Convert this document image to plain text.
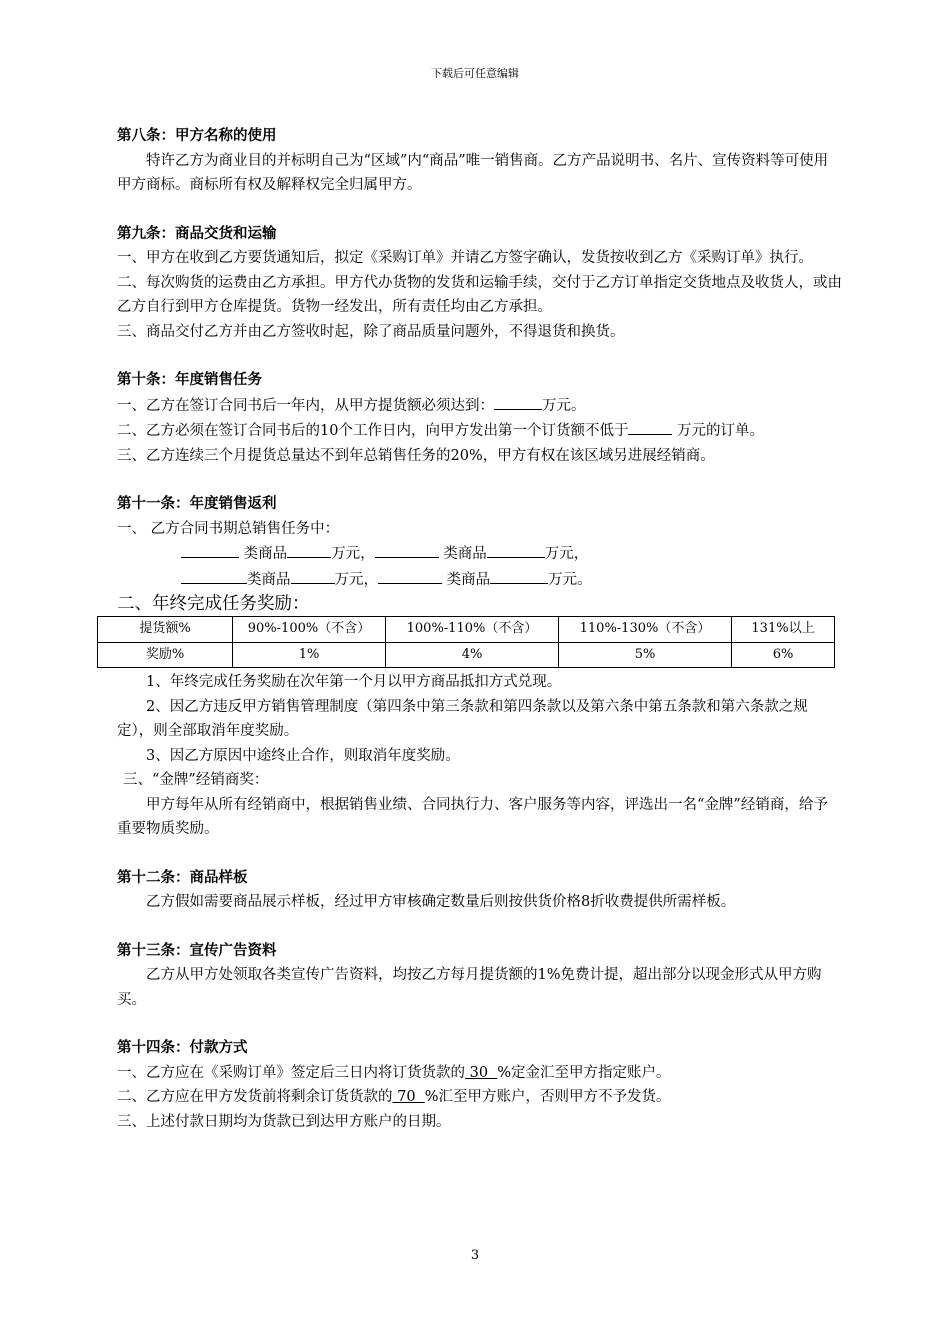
下载后可任意编辑

第八条：甲方名称的使用

特许乙方为商业目的并标明自己为“区域”内“商品”唯一销售商。乙方产品说明书、名片、宣传资料等可使用甲方商标。商标所有权及解释权完全归属甲方。

第九条：商品交货和运输

一、甲方在收到乙方要货通知后，拟定《采购订单》并请乙方签字确认，发货按收到乙方《采购订单》执行。

二、每次购货的运费由乙方承担。甲方代办货物的发货和运输手续，交付于乙方订单指定交货地点及收货人，或由乙方自行到甲方仓库提货。货物一经发出，所有责任均由乙方承担。

三、商品交付乙方并由乙方签收时起，除了商品质量问题外，不得退货和换货。

第十条：年度销售任务

一、乙方在签订合同书后一年内，从甲方提货额必须达到：	万元。

二、乙方必须在签订合同书后的10个工作日内，向甲方发出第一个订货额不低于	万元的订单。

三、乙方连续三个月提货总量达不到年总销售任务的20%，甲方有权在该区域另进展经销商。

第十一条：年度销售返利

一、 乙方合同书期总销售任务中：

类商品	万元，	类商品	万元，

类商品	万元，	类商品	万元。

二、年终完成任务奖励：

提货额%	90%-100%（不含）	100%-110%（不含）	110%-130%（不含）	131%以上
奖励%	1%	4%	5%	6%

1、年终完成任务奖励在次年第一个月以甲方商品抵扣方式兑现。

2、因乙方违反甲方销售管理制度（第四条中第三条款和第四条款以及第六条中第五条款和第六条款之规定），则全部取消年度奖励。

3、因乙方原因中途终止合作，则取消年度奖励。

三、“金牌”经销商奖：

甲方每年从所有经销商中，根据销售业绩、合同执行力、客户服务等内容，评选出一名“金牌”经销商，给予重要物质奖励。

第十二条：商品样板

乙方假如需要商品展示样板，经过甲方审核确定数量后则按供货价格8折收费提供所需样板。

第十三条：宣传广告资料

乙方从甲方处领取各类宣传广告资料，均按乙方每月提货额的1%免费计提，超出部分以现金形式从甲方购买。

第十四条：付款方式

一、乙方应在《采购订单》签定后三日内将订货货款的 30  %定金汇至甲方指定账户。

二、乙方应在甲方发货前将剩余订货货款的 70  %汇至甲方账户，否则甲方不予发货。

三、上述付款日期均为货款已到达甲方账户的日期。

3
